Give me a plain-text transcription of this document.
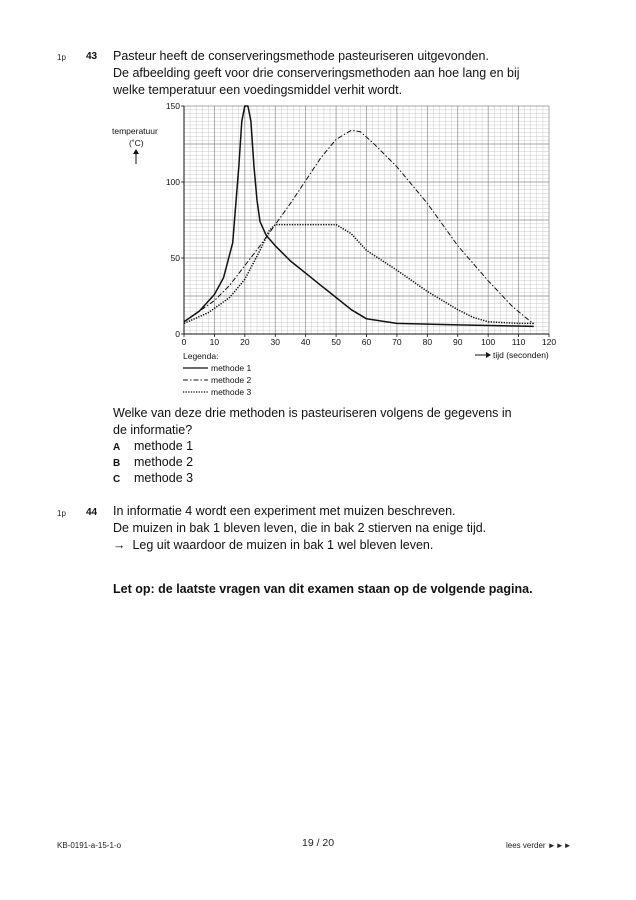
1p 43 Pasteur heeft de conserveringsmethode pasteuriseren uitgevonden.
De afbeelding geeft voor drie conserveringsmethoden aan hoe lang en bij
welke temperatuur een voedingsmiddel verhit wordt.
0	10 20 30 40 50 60 70 80 90 100 110 120
0
50
100
150
temperatuur
(˚C)
tijd (seconden)
Legenda:
methode 1
methode 2
methode 3
Welke van deze drie methoden is pasteuriseren volgens de gegevens in
de informatie?
A methode 1
B methode 2
C methode 3
1p 44 In informatie 4 wordt een experiment met muizen beschreven.
De muizen in bak 1 bleven leven, die in bak 2 stierven na enige tijd.
→ Leg uit waardoor de muizen in bak 1 wel bleven leven.
Let op: de laatste vragen van dit examen staan op de volgende pagina.
KB-0191-a-15-1-o	19 / 20	lees verder ►►►
